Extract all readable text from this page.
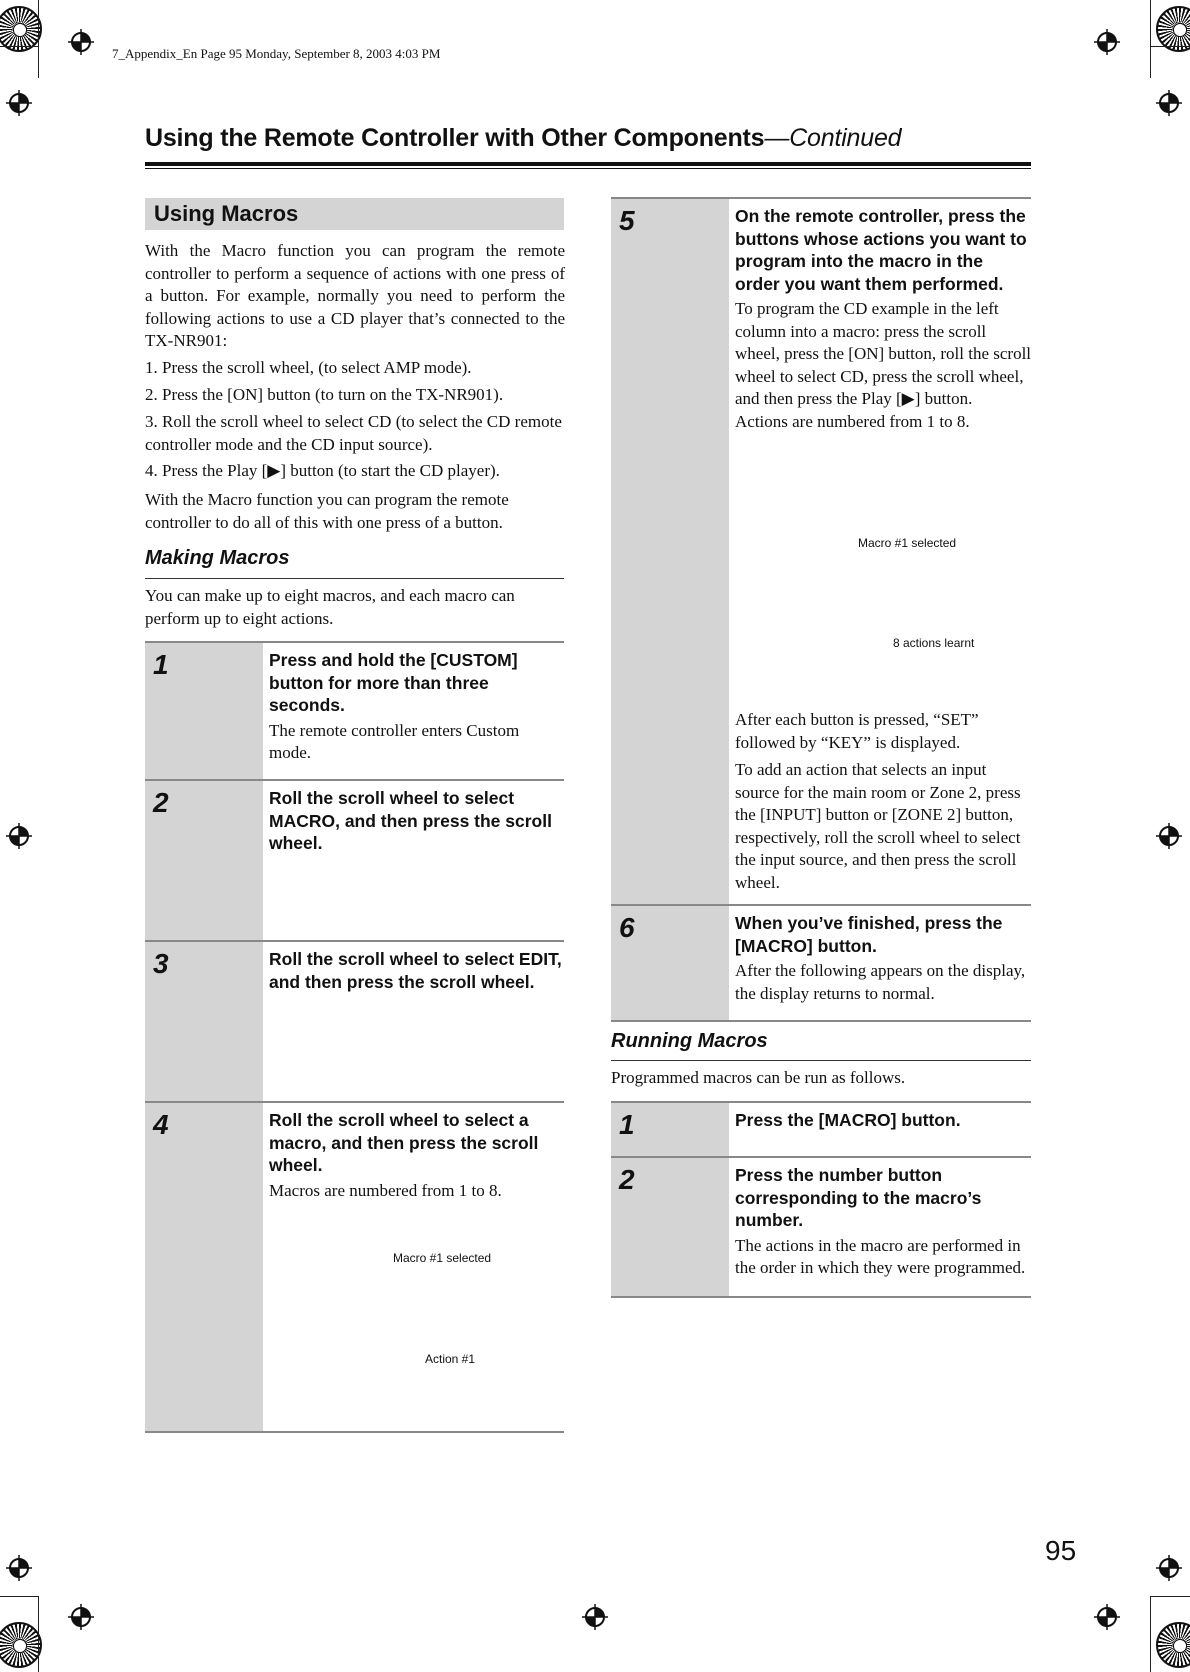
7_Appendix_En Page 95 Monday, September 8, 2003 4:03 PM
Using the Remote Controller with Other Components—Continued
Using Macros
With the Macro function you can program the remote controller to perform a sequence of actions with one press of a button. For example, normally you need to perform the following actions to use a CD player that’s connected to the TX-NR901:
1. Press the scroll wheel, (to select AMP mode).
2. Press the [ON] button (to turn on the TX-NR901).
3. Roll the scroll wheel to select CD (to select the CD remote controller mode and the CD input source).
4. Press the Play [▶] button (to start the CD player).
With the Macro function you can program the remote controller to do all of this with one press of a button.
Making Macros
You can make up to eight macros, and each macro can perform up to eight actions.
1	Press and hold the [CUSTOM] button for more than three seconds.
The remote controller enters Custom mode.
2	Roll the scroll wheel to select MACRO, and then press the scroll wheel.
3	Roll the scroll wheel to select EDIT, and then press the scroll wheel.
4	Roll the scroll wheel to select a macro, and then press the scroll wheel.
Macros are numbered from 1 to 8.
Macro #1 selected
Action #1
5	On the remote controller, press the buttons whose actions you want to program into the macro in the order you want them performed.
To program the CD example in the left column into a macro: press the scroll wheel, press the [ON] button, roll the scroll wheel to select CD, press the scroll wheel, and then press the Play [▶] button.
Actions are numbered from 1 to 8.
Macro #1 selected
8 actions learnt
After each button is pressed, “SET” followed by “KEY” is displayed.
To add an action that selects an input source for the main room or Zone 2, press the [INPUT] button or [ZONE 2] button, respectively, roll the scroll wheel to select the input source, and then press the scroll wheel.
6	When you’ve finished, press the [MACRO] button.
After the following appears on the display, the display returns to normal.
Running Macros
Programmed macros can be run as follows.
1	Press the [MACRO] button.
2	Press the number button corresponding to the macro’s number.
The actions in the macro are performed in the order in which they were programmed.
95
